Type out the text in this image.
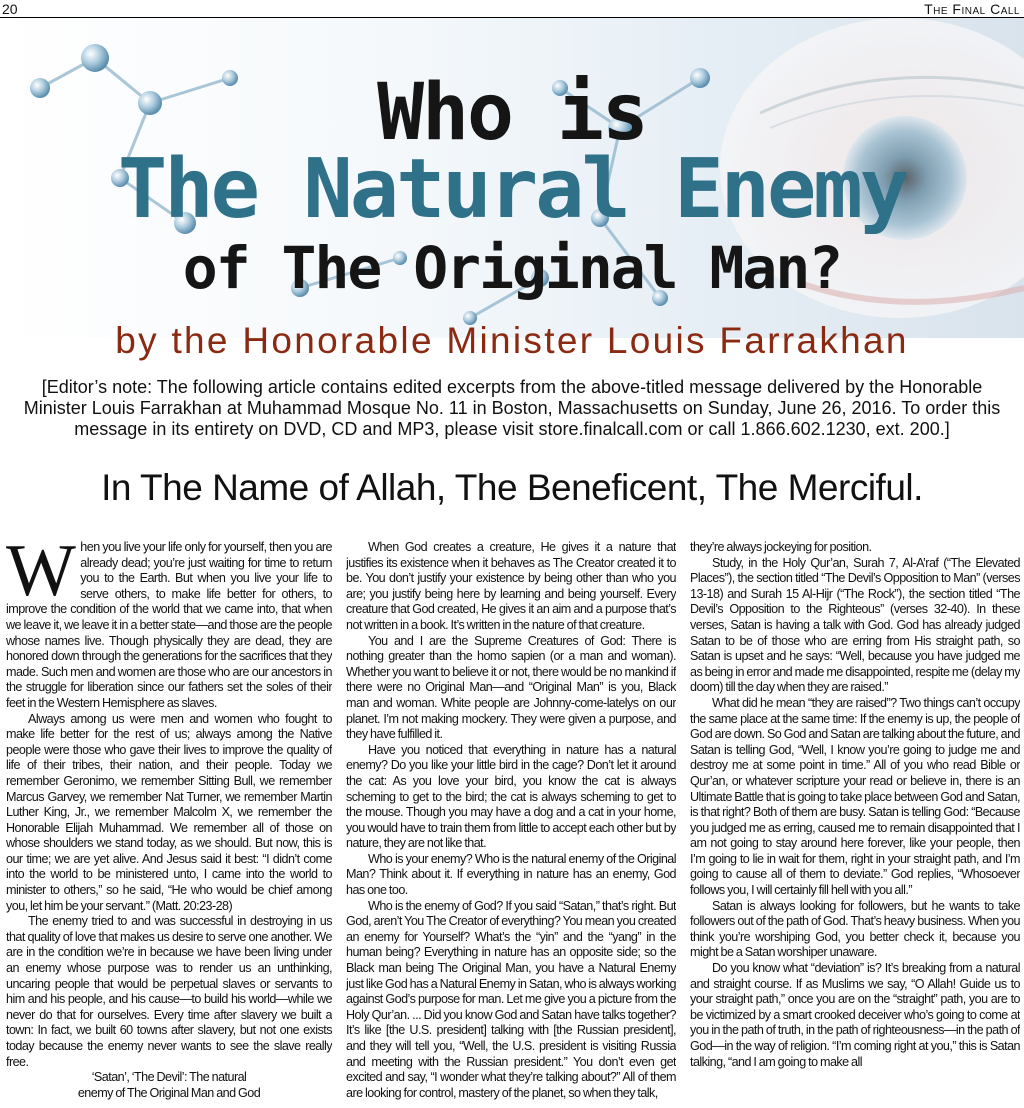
20	The Final Call
Who is
The Natural Enemy
of The Original Man?
by the Honorable Minister Louis Farrakhan

[Editor’s note: The following article contains edited excerpts from the above-titled message delivered by the Honorable Minister Louis Farrakhan at Muhammad Mosque No. 11 in Boston, Massachusetts on Sunday, June 26, 2016. To order this message in its entirety on DVD, CD and MP3, please visit store.finalcall.com or call 1.866.602.1230, ext. 200.]

In The Name of Allah, The Beneficent, The Merciful.

When you live your life only for yourself, then you are already dead; you’re just waiting for time to return you to the Earth. But when you live your life to serve others, to make life better for others, to improve the condition of the world that we came into, that when we leave it, we leave it in a better state—and those are the people whose names live. Though physically they are dead, they are honored down through the generations for the sacrifices that they made. Such men and women are those who are our ancestors in the struggle for liberation since our fathers set the soles of their feet in the Western Hemisphere as slaves.

Always among us were men and women who fought to make life better for the rest of us; always among the Native people were those who gave their lives to improve the quality of life of their tribes, their nation, and their people. Today we remember Geronimo, we remember Sitting Bull, we remember Marcus Garvey, we remember Nat Turner, we remember Martin Luther King, Jr., we remember Malcolm X, we remember the Honorable Elijah Muhammad. We remember all of those on whose shoulders we stand today, as we should. But now, this is our time; we are yet alive. And Jesus said it best: “I didn’t come into the world to be ministered unto, I came into the world to minister to others,” so he said, “He who would be chief among you, let him be your servant.” (Matt. 20:23-28)

The enemy tried to and was successful in destroying in us that quality of love that makes us desire to serve one another. We are in the condition we’re in because we have been living under an enemy whose purpose was to render us an unthinking, uncaring people that would be perpetual slaves or servants to him and his people, and his cause—to build his world—while we never do that for ourselves. Every time after slavery we built a town: In fact, we built 60 towns after slavery, but not one exists today because the enemy never wants to see the slave really free.

‘Satan’, ‘The Devil’: The natural
enemy of The Original Man and God

When God creates a creature, He gives it a nature that justifies its existence when it behaves as The Creator created it to be. You don’t justify your existence by being other than who you are; you justify being here by learning and being yourself. Every creature that God created, He gives it an aim and a purpose that’s not written in a book. It’s written in the nature of that creature.

You and I are the Supreme Creatures of God: There is nothing greater than the homo sapien (or a man and woman). Whether you want to believe it or not, there would be no mankind if there were no Original Man—and “Original Man” is you, Black man and woman. White people are Johnny-come-latelys on our planet. I’m not making mockery. They were given a purpose, and they have fulfilled it.

Have you noticed that everything in nature has a natural enemy? Do you like your little bird in the cage? Don’t let it around the cat: As you love your bird, you know the cat is always scheming to get to the bird; the cat is always scheming to get to the mouse. Though you may have a dog and a cat in your home, you would have to train them from little to accept each other but by nature, they are not like that.

Who is your enemy? Who is the natural enemy of the Original Man? Think about it. If everything in nature has an enemy, God has one too.

Who is the enemy of God? If you said “Satan,” that’s right. But God, aren’t You The Creator of everything? You mean you created an enemy for Yourself? What’s the “yin” and the “yang” in the human being? Everything in nature has an opposite side; so the Black man being The Original Man, you have a Natural Enemy just like God has a Natural Enemy in Satan, who is always working against God’s purpose for man. Let me give you a picture from the Holy Qur’an. ... Did you know God and Satan have talks together? It’s like [the U.S. president] talking with [the Russian president], and they will tell you, “Well, the U.S. president is visiting Russia and meeting with the Russian president.” You don’t even get excited and say, “I wonder what they’re talking about?” All of them are looking for control, mastery of the planet, so when they talk,

they’re always jockeying for position.

Study, in the Holy Qur’an, Surah 7, Al-A’raf (“The Elevated Places”), the section titled “The Devil’s Opposition to Man” (verses 13-18) and Surah 15 Al-Hijr (“The Rock”), the section titled “The Devil’s Opposition to the Righteous” (verses 32-40). In these verses, Satan is having a talk with God. God has already judged Satan to be of those who are erring from His straight path, so Satan is upset and he says: “Well, because you have judged me as being in error and made me disappointed, respite me (delay my doom) till the day when they are raised.”

What did he mean “they are raised”? Two things can’t occupy the same place at the same time: If the enemy is up, the people of God are down. So God and Satan are talking about the future, and Satan is telling God, “Well, I know you’re going to judge me and destroy me at some point in time.” All of you who read Bible or Qur’an, or whatever scripture your read or believe in, there is an Ultimate Battle that is going to take place between God and Satan, is that right? Both of them are busy. Satan is telling God: “Because you judged me as erring, caused me to remain disappointed that I am not going to stay around here forever, like your people, then I’m going to lie in wait for them, right in your straight path, and I’m going to cause all of them to deviate.” God replies, “Whosoever follows you, I will certainly fill hell with you all.”

Satan is always looking for followers, but he wants to take followers out of the path of God. That’s heavy business. When you think you’re worshiping God, you better check it, because you might be a Satan worshiper unaware.

Do you know what “deviation” is? It’s breaking from a natural and straight course. If as Muslims we say, “O Allah! Guide us to your straight path,” once you are on the “straight” path, you are to be victimized by a smart crooked deceiver who’s going to come at you in the path of truth, in the path of righteousness—in the path of God—in the way of religion. “I’m coming right at you,” this is Satan talking, “and I am going to make all
